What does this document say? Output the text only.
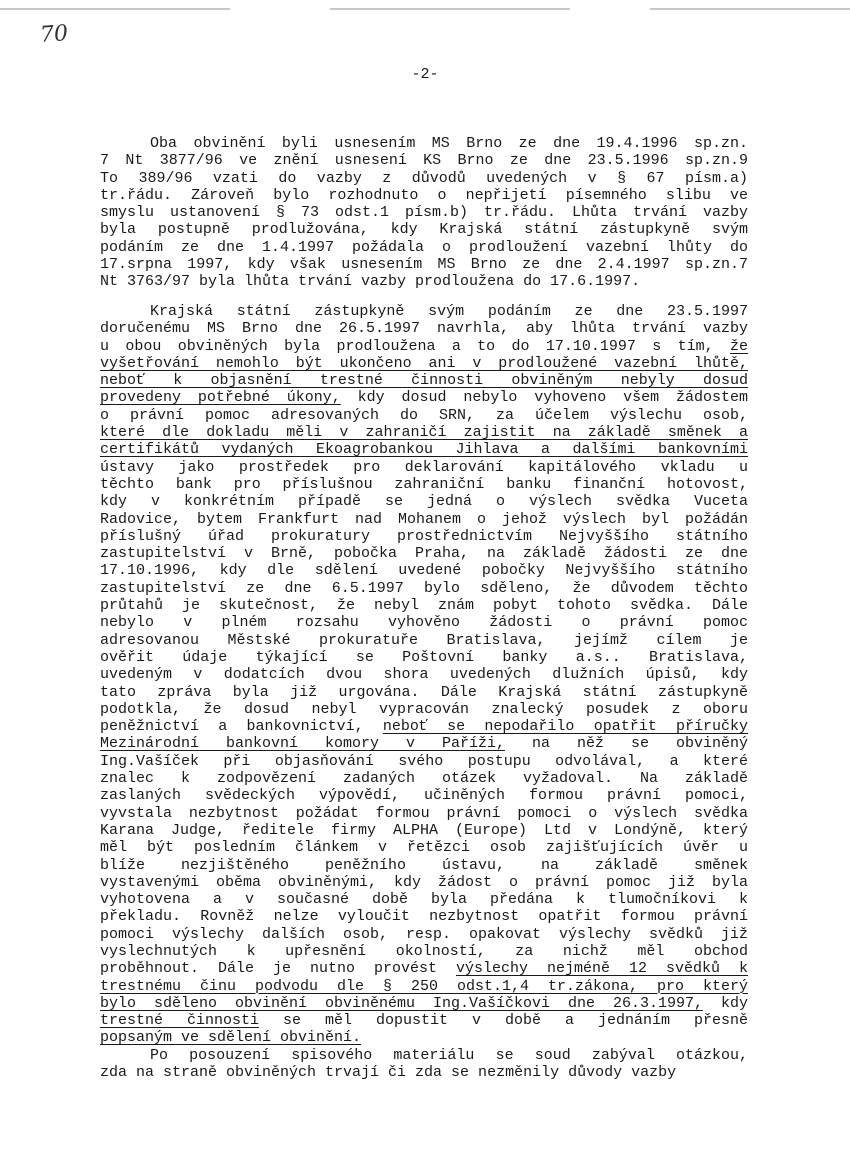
70
-2-
Oba obvinění byli usnesením MS Brno ze dne 19.4.1996 sp.zn.
7 Nt 3877/96 ve znění usnesení KS Brno ze dne 23.5.1996 sp.zn.9
To 389/96 vzati do vazby z důvodů uvedených v § 67 písm.a)
tr.řádu. Zároveň bylo rozhodnuto o nepřijetí písemného slibu ve
smyslu ustanovení § 73 odst.1 písm.b) tr.řádu. Lhůta trvání vazby
byla postupně prodlužována, kdy Krajská státní zástupkyně svým
podáním ze dne 1.4.1997 požádala o prodloužení vazební lhůty do
17.srpna 1997, kdy však usnesením MS Brno ze dne 2.4.1997 sp.zn.7
Nt 3763/97 byla lhůta trvání vazby prodloužena do 17.6.1997.
Krajská státní zástupkyně svým podáním ze dne 23.5.1997
doručenému MS Brno dne 26.5.1997 navrhla, aby lhůta trvání vazby
u obou obviněných byla prodloužena a to do 17.10.1997 s tím, že
vyšetřování nemohlo být ukončeno ani v prodloužené vazební lhůtě,
neboť k objasnění trestné činnosti obviněným nebyly dosud
provedeny potřebné úkony, kdy dosud nebylo vyhoveno všem žádostem
o právní pomoc adresovaných do SRN, za účelem výslechu osob,
které dle dokladu měli v zahraničí zajistit na základě směnek a
certifikátů vydaných Ekoagrobankou Jihlava a dalšími bankovními
ústavy jako prostředek pro deklarování kapitálového vkladu u
těchto bank pro příslušnou zahraniční banku finanční hotovost,
kdy v konkrétním případě se jedná o výslech svědka Vuceta
Radovice, bytem Frankfurt nad Mohanem o jehož výslech byl požádán
příslušný úřad prokuratury prostřednictvím Nejvyššího státního
zastupitelství v Brně, pobočka Praha, na základě žádosti ze dne
17.10.1996, kdy dle sdělení uvedené pobočky Nejvyššího státního
zastupitelství ze dne 6.5.1997 bylo sděleno, že důvodem těchto
průtahů je skutečnost, že nebyl znám pobyt tohoto svědka. Dále
nebylo v plném rozsahu vyhověno žádosti o právní pomoc
adresovanou Městské prokuratuře Bratislava, jejímž cílem je
ověřit údaje týkající se Poštovní banky a.s.. Bratislava,
uvedeným v dodatcích dvou shora uvedených dlužních úpisů, kdy
tato zpráva byla již urgována. Dále Krajská státní zástupkyně
podotkla, že dosud nebyl vypracován znalecký posudek z oboru
peněžnictví a bankovnictví, neboť se nepodařilo opatřit příručky
Mezinárodní bankovní komory v Paříži, na něž se obviněný
Ing.Vašíček při objasňování svého postupu odvolával, a které
znalec k zodpovězení zadaných otázek vyžadoval. Na základě
zaslaných svědeckých výpovědí, učiněných formou právní pomoci,
vyvstala nezbytnost požádat formou právní pomoci o výslech svědka
Karana Judge, ředitele firmy ALPHA (Europe) Ltd v Londýně, který
měl být posledním článkem v řetězci osob zajišťujících úvěr u
blíže nezjištěného peněžního ústavu, na základě směnek
vystavenými oběma obviněnými, kdy žádost o právní pomoc již byla
vyhotovena a v současné době byla předána k tlumočníkovi k
překladu. Rovněž nelze vyloučit nezbytnost opatřit formou právní
pomoci výslechy dalších osob, resp. opakovat výslechy svědků již
vyslechnutých k upřesnění okolností, za nichž měl obchod
proběhnout. Dále je nutno provést výslechy nejméně 12 svědků k
trestnému činu podvodu dle § 250 odst.1,4 tr.zákona, pro který
bylo sděleno obvinění obviněnému Ing.Vašíčkovi dne 26.3.1997, kdy
trestné činnosti se měl dopustit v době a jednáním přesně
popsaným ve sdělení obvinění.
Po posouzení spisového materiálu se soud zabýval otázkou,
zda na straně obviněných trvají či zda se nezměnily důvody vazby
